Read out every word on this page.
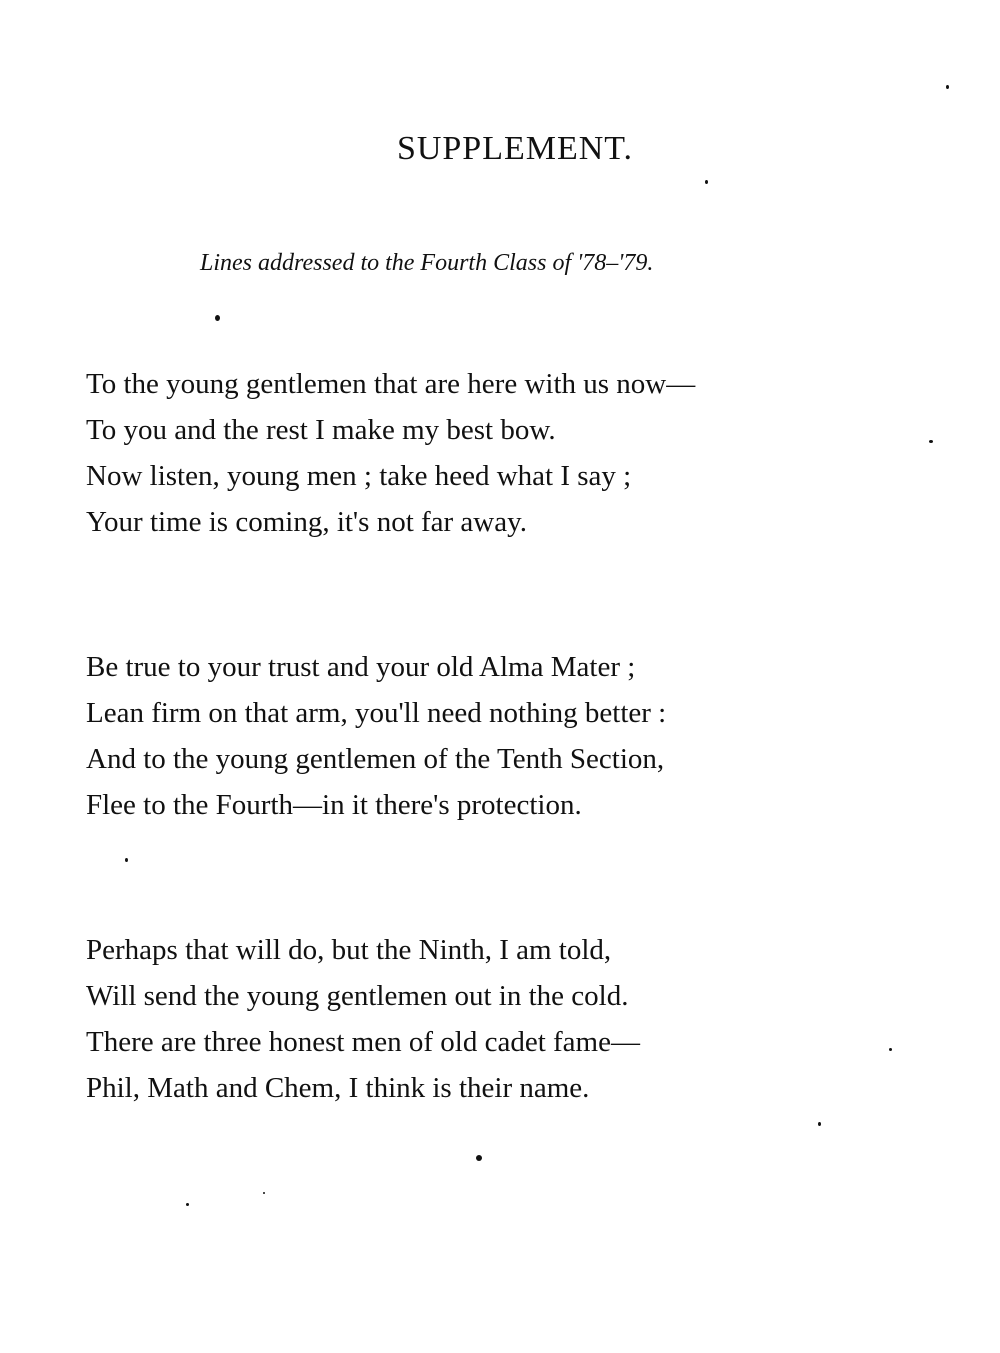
SUPPLEMENT.

Lines addressed to the Fourth Class of '78–'79.

To the young gentlemen that are here with us now—
To you and the rest I make my best bow.
Now listen, young men ; take heed what I say ;
Your time is coming, it's not far away.
Be true to your trust and your old Alma Mater ;
Lean firm on that arm, you'll need nothing better :
And to the young gentlemen of the Tenth Section,
Flee to the Fourth—in it there's protection.
Perhaps that will do, but the Ninth, I am told,
Will send the young gentlemen out in the cold.
There are three honest men of old cadet fame—
Phil, Math and Chem, I think is their name.
